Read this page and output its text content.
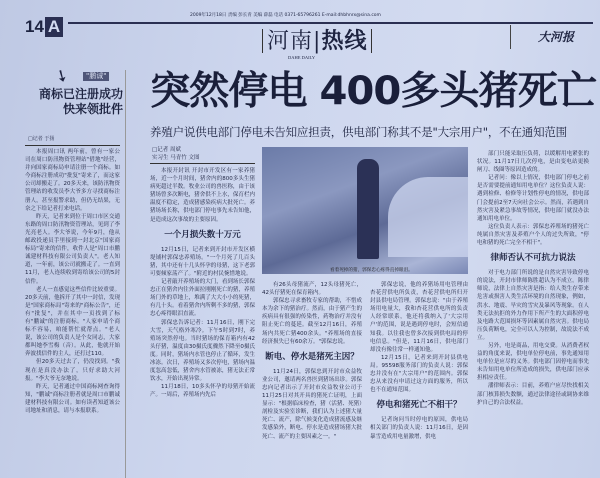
14 A
2009年12月18日 责编 彭长青 美编 薛磊 电话 0371-65796261 E-mail:dhbhnrx@sina.com
河南|热线
DAHE DAILY
大河报
➘	"鹏诚"
商标已注册成功
快来领批件
□记者 于扬

本报周口讯 两年前，曾有一家公司在周口防汛物资管理站"借地"经营，并向国家商标局申请注册一个商标。如今商标注册成功"批复"寄来了，而这家公司却搬走了。20多天来，该防汛物资管理站的收发员李大爷多方寻找商标注册人，甚至报警求助，但仍无结果，无奈之下给记者打来电话。

昨天，记者来到位于周口市区交通东路的周口防汛物资管理站，见到了李光亮老人。李大爷说，今年9月，他从邮政投递员手里接到一封北京"国家商标局"寄来的信件，收件人是"周口市鹏诚建材科技有限公司负责人"。老人知道，一年前，该公司就搬走了。一直到11月，老人连续收到寄给该公司的5封信件。

老人一直感觉这些信件比较重要。20多天前，他拆开了其中一封信，发现是"国家商标局"寄来的"商标公告"，还有"批复"，并在其中一页找到了标有"鹏诚"的注册商标。"人家申请个商标不容易，咱能帮忙就帮点。"老人说，该公司的负责人是个女同志，大家都叫她李雪梅（音）。从此，他就开始奔波找信件的主人，还打过110。

但20多天过去了，仍没找到。"我现在是真没办法了，只好求助大河报。"李大爷无奈地说。

昨天，记者通过中国商标网查询得知，"鹏诚"商标注册者就是周口市鹏诚建材科技有限公司。如有读者知道该公司地址和消息，请与本报联系。

突然停电 400多头猪死亡
养殖户说供电部门停电未告知应担责，供电部门称其不是"大宗用户"，不在通知范围
□记者 周斌
实习生 马青竹 文图

本报开封讯 开封市开发区有一家养猪场，近一个月时间，猪舍内的800多头生猪病死超过半数。牧业公司的兽医称，由于该猪场曾多次断电，猪舍供不上水，保育栏内温度不稳定，造成猪感染疾病大批死亡。养猪场场长称，供电部门停电事先未告知他，是造成这次事故的主要原因。

一个月损失数十万元

12月15日，记者来到开封市开发区横堤铺村郭保忠养殖场。"一个月死了几百头猪，其中还有十几头怀孕的母猪，这下老郭可要倾家荡产了。"附近的村民惋惜地说。

记者敲开养殖场的大门，看到场长郭保忠正在猪舍内往外面拉刚刚死亡的猪，养殖场门外的草地上，堆满了大大小小的死猪，有几十头。看着猪舍内所剩不多的猪，郭保忠心疼得眼泪直流。

郭保忠告诉记者：11月16日，刚下完大雪，天气格外寒冷。下午5时到7时，养殖场突然停电。当时猪场的保育箱内有42头仔猪，温度由30摄氏度骤然下降至0摄氏度。同时，猪场内水管也停止了循环，发生冰冻。次日，养殖场又多次停电，猪场内温度忽高忽低，猪舍内水管被冻，猪无法正常饮水，开始出现异常。

11月18日，10多头怀孕的母猪开始流产。一周后，养殖场内先后

看着死掉的猪，郭保忠心疼得直掉眼泪。

有26头母猪流产，12头母猪死亡，42头仔猪死在保育箱内。

郭保忠寻求畜牧专家的帮助，不惜成本为余下的猪治疗。然而，由于猪产生的疾病具有很强的传染性，药物治疗并没有阻止死亡的蔓延。截至12月16日，养殖场内共死亡猪400余头。"养殖场的直接经济损失已有60余万。"郭保忠说。

断电、停水是猪死主因？

11月24日，郭保忠到开封市众益牧业公司，邀请两名兽医到猪场出诊。郭保忠向记者出示了开封市众益牧业公司于11月25日对其开具的猪死亡证明，上面显示："根据临床检查，猪（活猪、死猪）剖检及实验室诊断，我们认为上述猪大量死亡、流产，除气候变化造成猪流感及继发感染外，断电、停水是造成猪场猪大批死亡、流产的主要因素之一。"

郭保忠说，他的养猪场用电管理由杏花营供电所负责，杏花营供电所归开封县供电局管理。郭保忠说："由于养殖场用电量大，我和杏花营供电所的负责人经常联系，他还将我纳入了'大宗用户'的范围，说是遇到停电时，会短信通知我。以往我也曾多次接到供电局的停电信息。"但是，11月16日，供电部门却没有像往常一样通知他。

12月15日，记者来到开封县供电局。95598服务部门的负责人说：郭保忠并没有在"大宗用户"的范围内。郭保忠从来没有申请过这方面的服务，所以也不在通知范围。

停电和猪死亡不相干？

记者询问当时停电的原因，供电局相关部门的负责人说：11月16日，是因暴雪造成用电量激增，供电

部门只能采取压负荷，以缓解用电紧张的状况。11月17日几次停电，是由变电站更换闸刀、线圈等原因造成的。

记者问：像以上情况，供电部门停电之前是否需要提前通知用电单位？这位负责人说：遇到检修、检修等计划性停电的情况，供电部门会提前2至7天向社会公示。然而，若遇到自然灾害及紧急事故等情况，供电部门就没办法通知用电单位。

这位负责人表示：郭保忠养殖场的猪死亡纯属自然灾害及养殖户个人的过失所致，"停电和猪的死亡完全不相干"。

律师否认不可抗力说法

对于电力部门所说的是自然灾害导致停电的说法，开封市律师陈胜超认为不成立。陈律师说，法律上自然灾害是指：给人类生存带来危害或损害人类生活环境的自然现象，例如，洪水、地震、旱灾的雪灾及暴风等现象。在人类无法抗拒的外力作用下所产生的大面积停电及电路大范围损坏等因素属自然灾害。供电局压负荷断电，完全可以人为控制，故说法不成立。

另外，电是商品，用电交费。从消费者权益的角度来说，供电单位停电前，事先通知用电单位是应尽的义务。供电部门因停电而事先未告知用电单位所造成的损失，供电部门应承担相应责任。

潘律师表示：目前，养殖户应尽快找相关部门核算损失数额，通过法律途径或调协来维护自己的合法权益。
